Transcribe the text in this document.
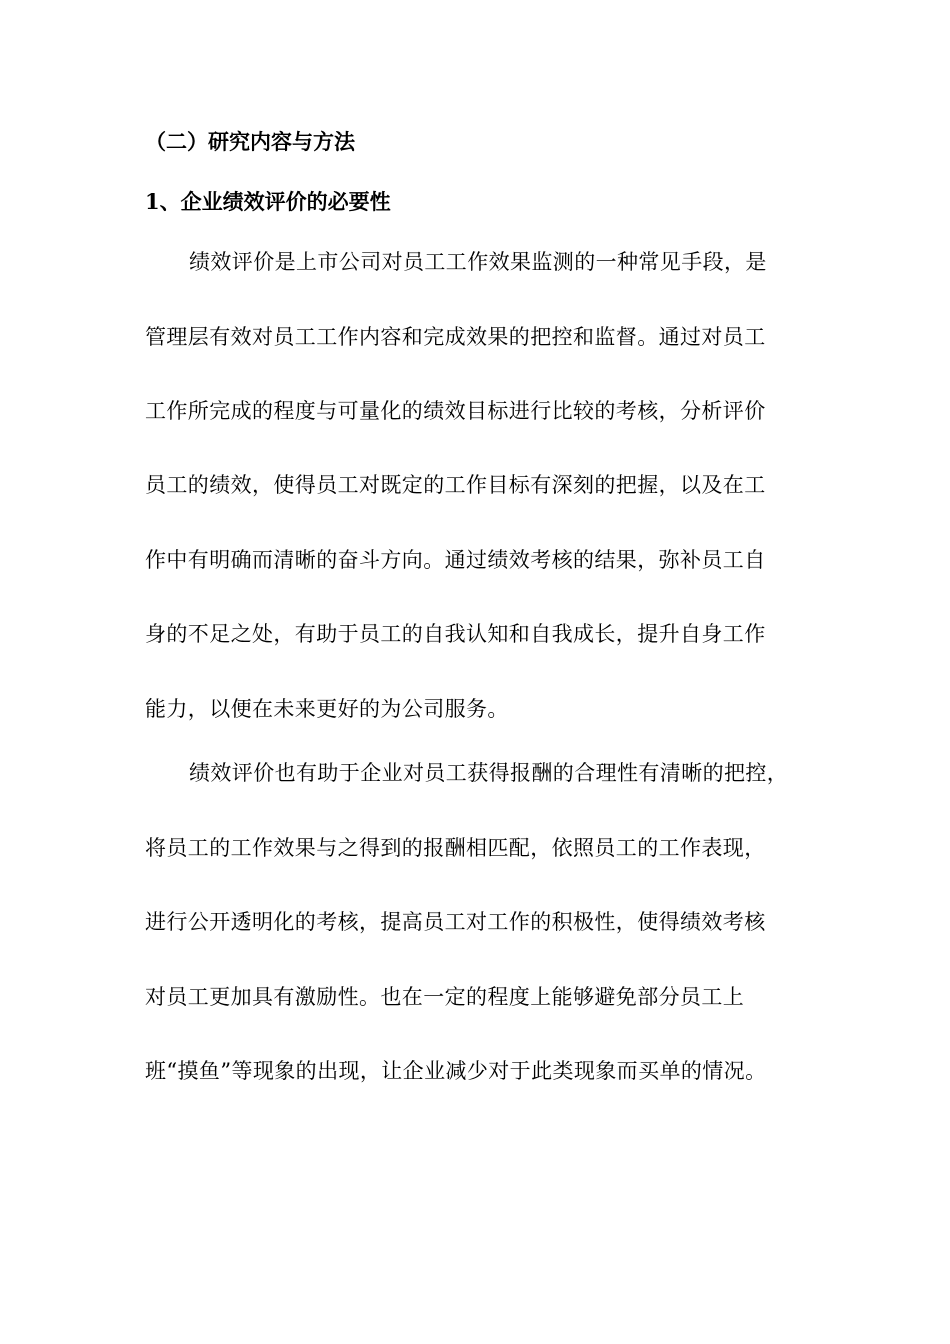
（二）研究内容与方法
1、企业绩效评价的必要性
绩效评价是上市公司对员工工作效果监测的一种常见手段，是
管理层有效对员工工作内容和完成效果的把控和监督。通过对员工
工作所完成的程度与可量化的绩效目标进行比较的考核，分析评价
员工的绩效，使得员工对既定的工作目标有深刻的把握，以及在工
作中有明确而清晰的奋斗方向。通过绩效考核的结果，弥补员工自
身的不足之处，有助于员工的自我认知和自我成长，提升自身工作
能力，以便在未来更好的为公司服务。
绩效评价也有助于企业对员工获得报酬的合理性有清晰的把控，
将员工的工作效果与之得到的报酬相匹配，依照员工的工作表现，
进行公开透明化的考核，提高员工对工作的积极性，使得绩效考核
对员工更加具有激励性。也在一定的程度上能够避免部分员工上
班“摸鱼”等现象的出现，让企业减少对于此类现象而买单的情况。
